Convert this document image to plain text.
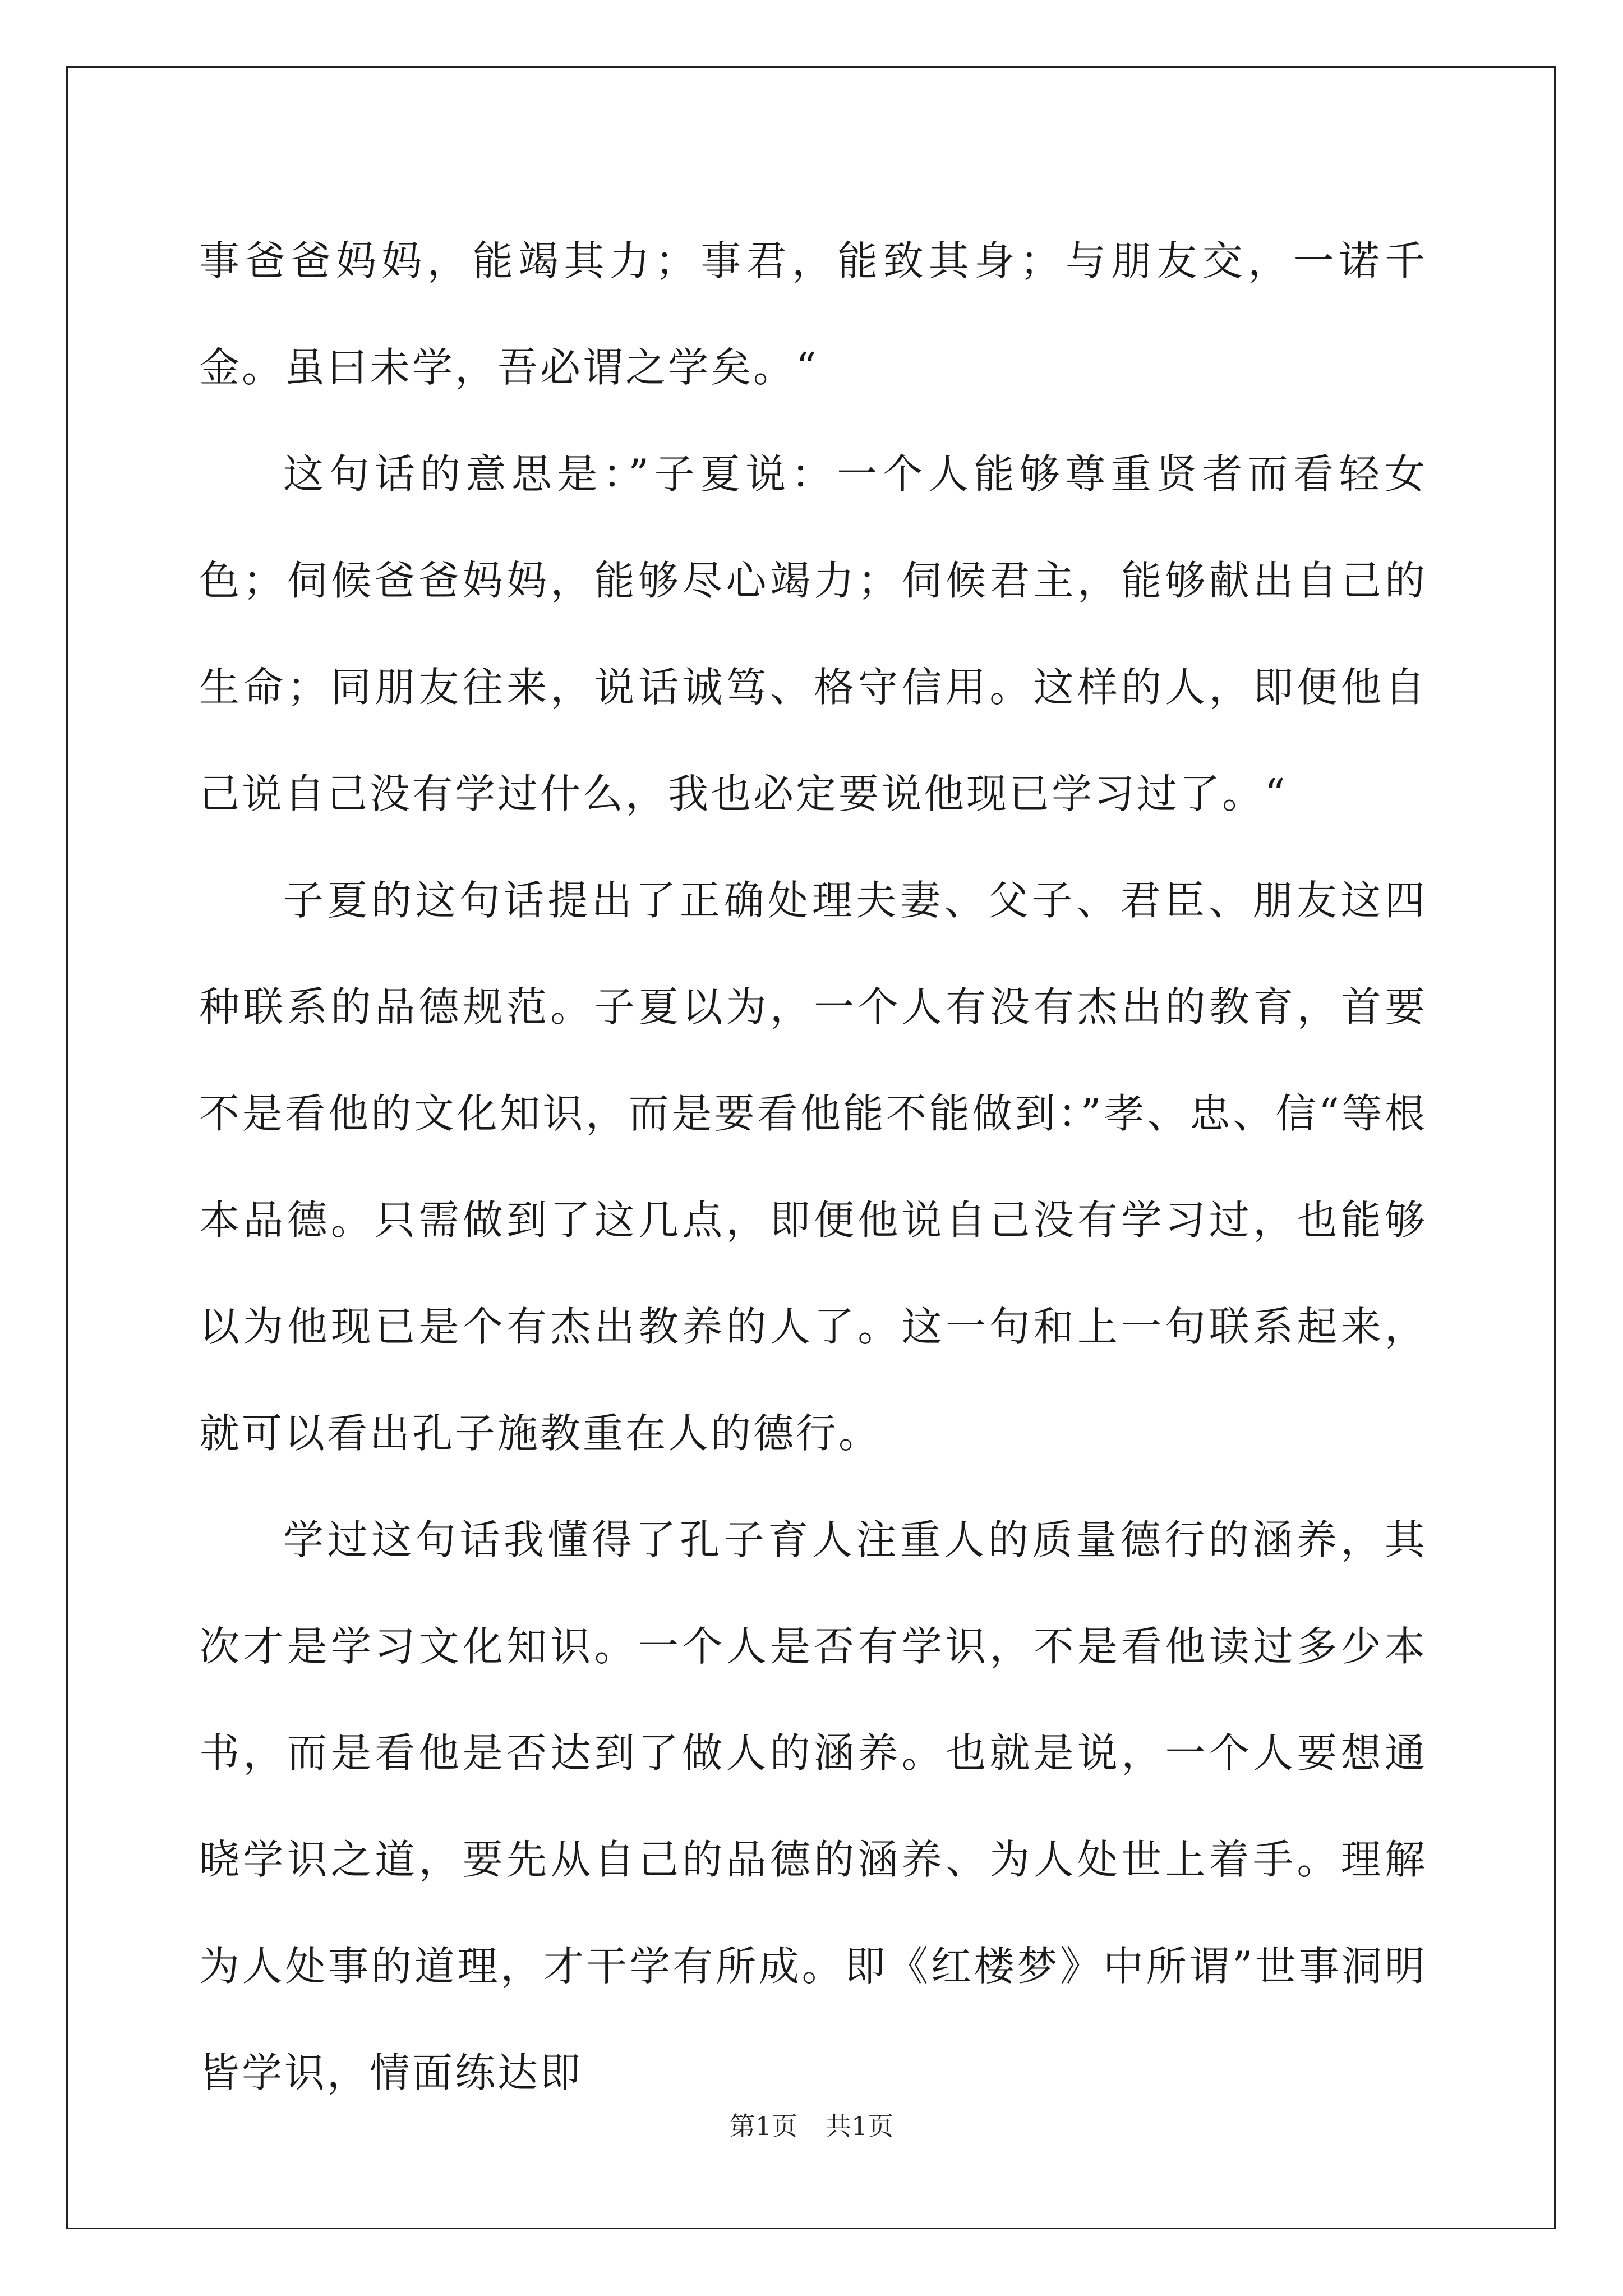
事爸爸妈妈，能竭其力；事君，能致其身；与朋友交，一诺千金。虽曰未学，吾必谓之学矣。“

这句话的意思是：”子夏说：一个人能够尊重贤者而看轻女色；伺候爸爸妈妈，能够尽心竭力；伺候君主，能够献出自己的生命；同朋友往来，说话诚笃、格守信用。这样的人，即便他自己说自己没有学过什么，我也必定要说他现已学习过了。“

子夏的这句话提出了正确处理夫妻、父子、君臣、朋友这四种联系的品德规范。子夏以为，一个人有没有杰出的教育，首要不是看他的文化知识，而是要看他能不能做到：”孝、忠、信“等根本品德。只需做到了这几点，即便他说自己没有学习过，也能够以为他现已是个有杰出教养的人了。这一句和上一句联系起来，就可以看出孔子施教重在人的德行。

学过这句话我懂得了孔子育人注重人的质量德行的涵养，其次才是学习文化知识。一个人是否有学识，不是看他读过多少本书，而是看他是否达到了做人的涵养。也就是说，一个人要想通晓学识之道，要先从自己的品德的涵养、为人处世上着手。理解为人处事的道理，才干学有所成。即《红楼梦》中所谓”世事洞明皆学识，情面练达即

第1页 共1页
